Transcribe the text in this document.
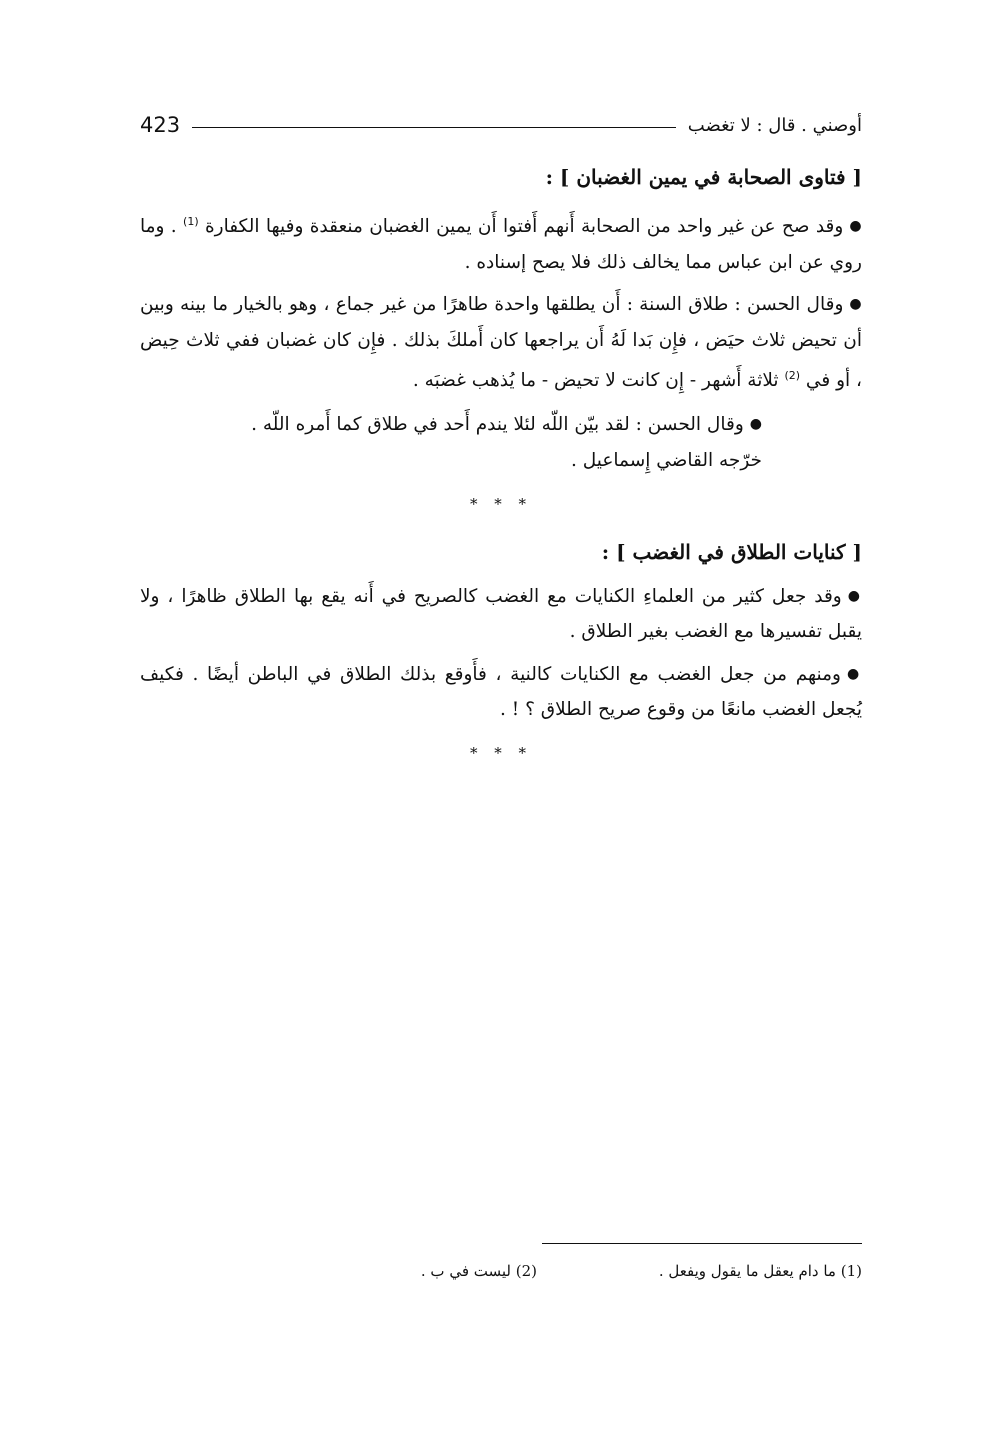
423	أوصني . قال : لا تغضب
[ فتاوى الصحابة في يمين الغضبان ] :

●وقد صح عن غير واحد من الصحابة أَنهم أَفتوا أَن يمين الغضبان منعقدة وفيها الكفارة $^{(1)}$ . وما روي عن ابن عباس مما يخالف ذلك فلا يصح إسناده .

●وقال الحسن : طلاق السنة : أَن يطلقها واحدة طاهرًا من غير جماع ، وهو بالخيار ما بينه وبين أن تحيض ثلاث حيَض ، فإِن بَدا لَهُ أَن يراجعها كان أَملكَ بذلك . فإِن كان غضبان ففي ثلاث حِيض ، أو في $^{(2)}$ ثلاثة أَشهر - إِن كانت لا تحيض - ما يُذهب غضبَه .

●وقال الحسن : لقد بيّن اللّه لئلا يندم أَحد في طلاق كما أَمره اللّه .

خرّجه القاضي إِسماعيل .

* * *
[ كنايات الطلاق في الغضب ] :

●وقد جعل كثير من العلماءِ الكنايات مع الغضب كالصريح في أَنه يقع بها الطلاق ظاهرًا ، ولا يقبل تفسيرها مع الغضب بغير الطلاق .

●ومنهم من جعل الغضب مع الكنايات كالنية ، فأَوقع بذلك الطلاق في الباطن أيضًا . فكيف يُجعل الغضب مانعًا من وقوع صريح الطلاق ؟ ! .

* * *
(1) ما دام يعقل ما يقول ويفعل .
(2) ليست في ب .
